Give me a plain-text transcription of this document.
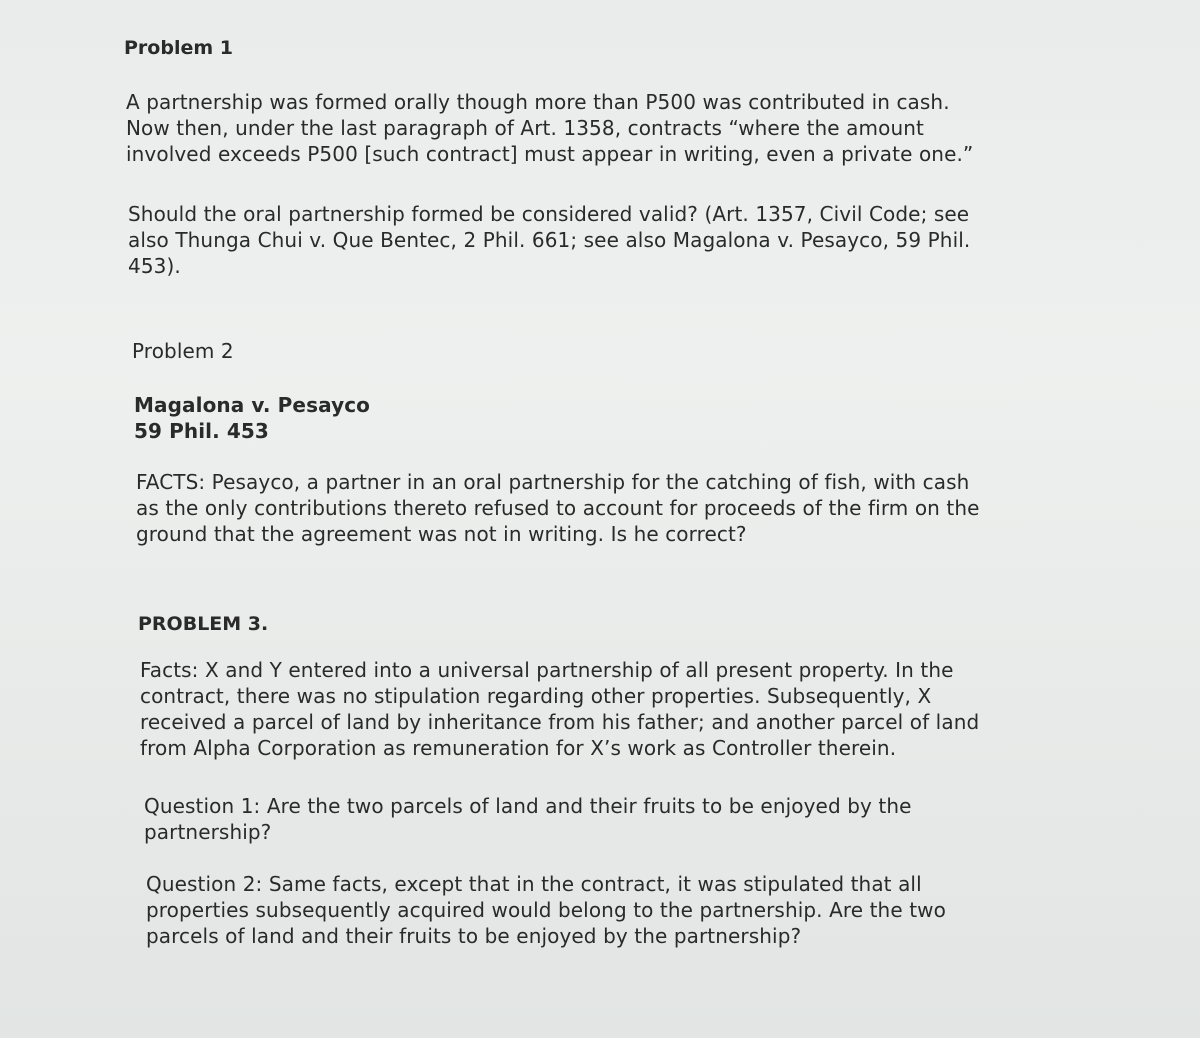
Problem 1

A partnership was formed orally though more than P500 was contributed in cash.

Now then, under the last paragraph of Art. 1358, contracts “where the amount

involved exceeds P500 [such contract] must appear in writing, even a private one.”

Should the oral partnership formed be considered valid? (Art. 1357, Civil Code; see

also Thunga Chui v. Que Bentec, 2 Phil. 661; see also Magalona v. Pesayco, 59 Phil.

453).

Problem 2

Magalona v. Pesayco

59 Phil. 453

FACTS: Pesayco, a partner in an oral partnership for the catching of fish, with cash

as the only contributions thereto refused to account for proceeds of the firm on the

ground that the agreement was not in writing. Is he correct?

PROBLEM 3.

Facts: X and Y entered into a universal partnership of all present property. In the

contract, there was no stipulation regarding other properties. Subsequently, X

received a parcel of land by inheritance from his father; and another parcel of land

from Alpha Corporation as remuneration for X’s work as Controller therein.

Question 1: Are the two parcels of land and their fruits to be enjoyed by the

partnership?

Question 2: Same facts, except that in the contract, it was stipulated that all

properties subsequently acquired would belong to the partnership. Are the two

parcels of land and their fruits to be enjoyed by the partnership?
